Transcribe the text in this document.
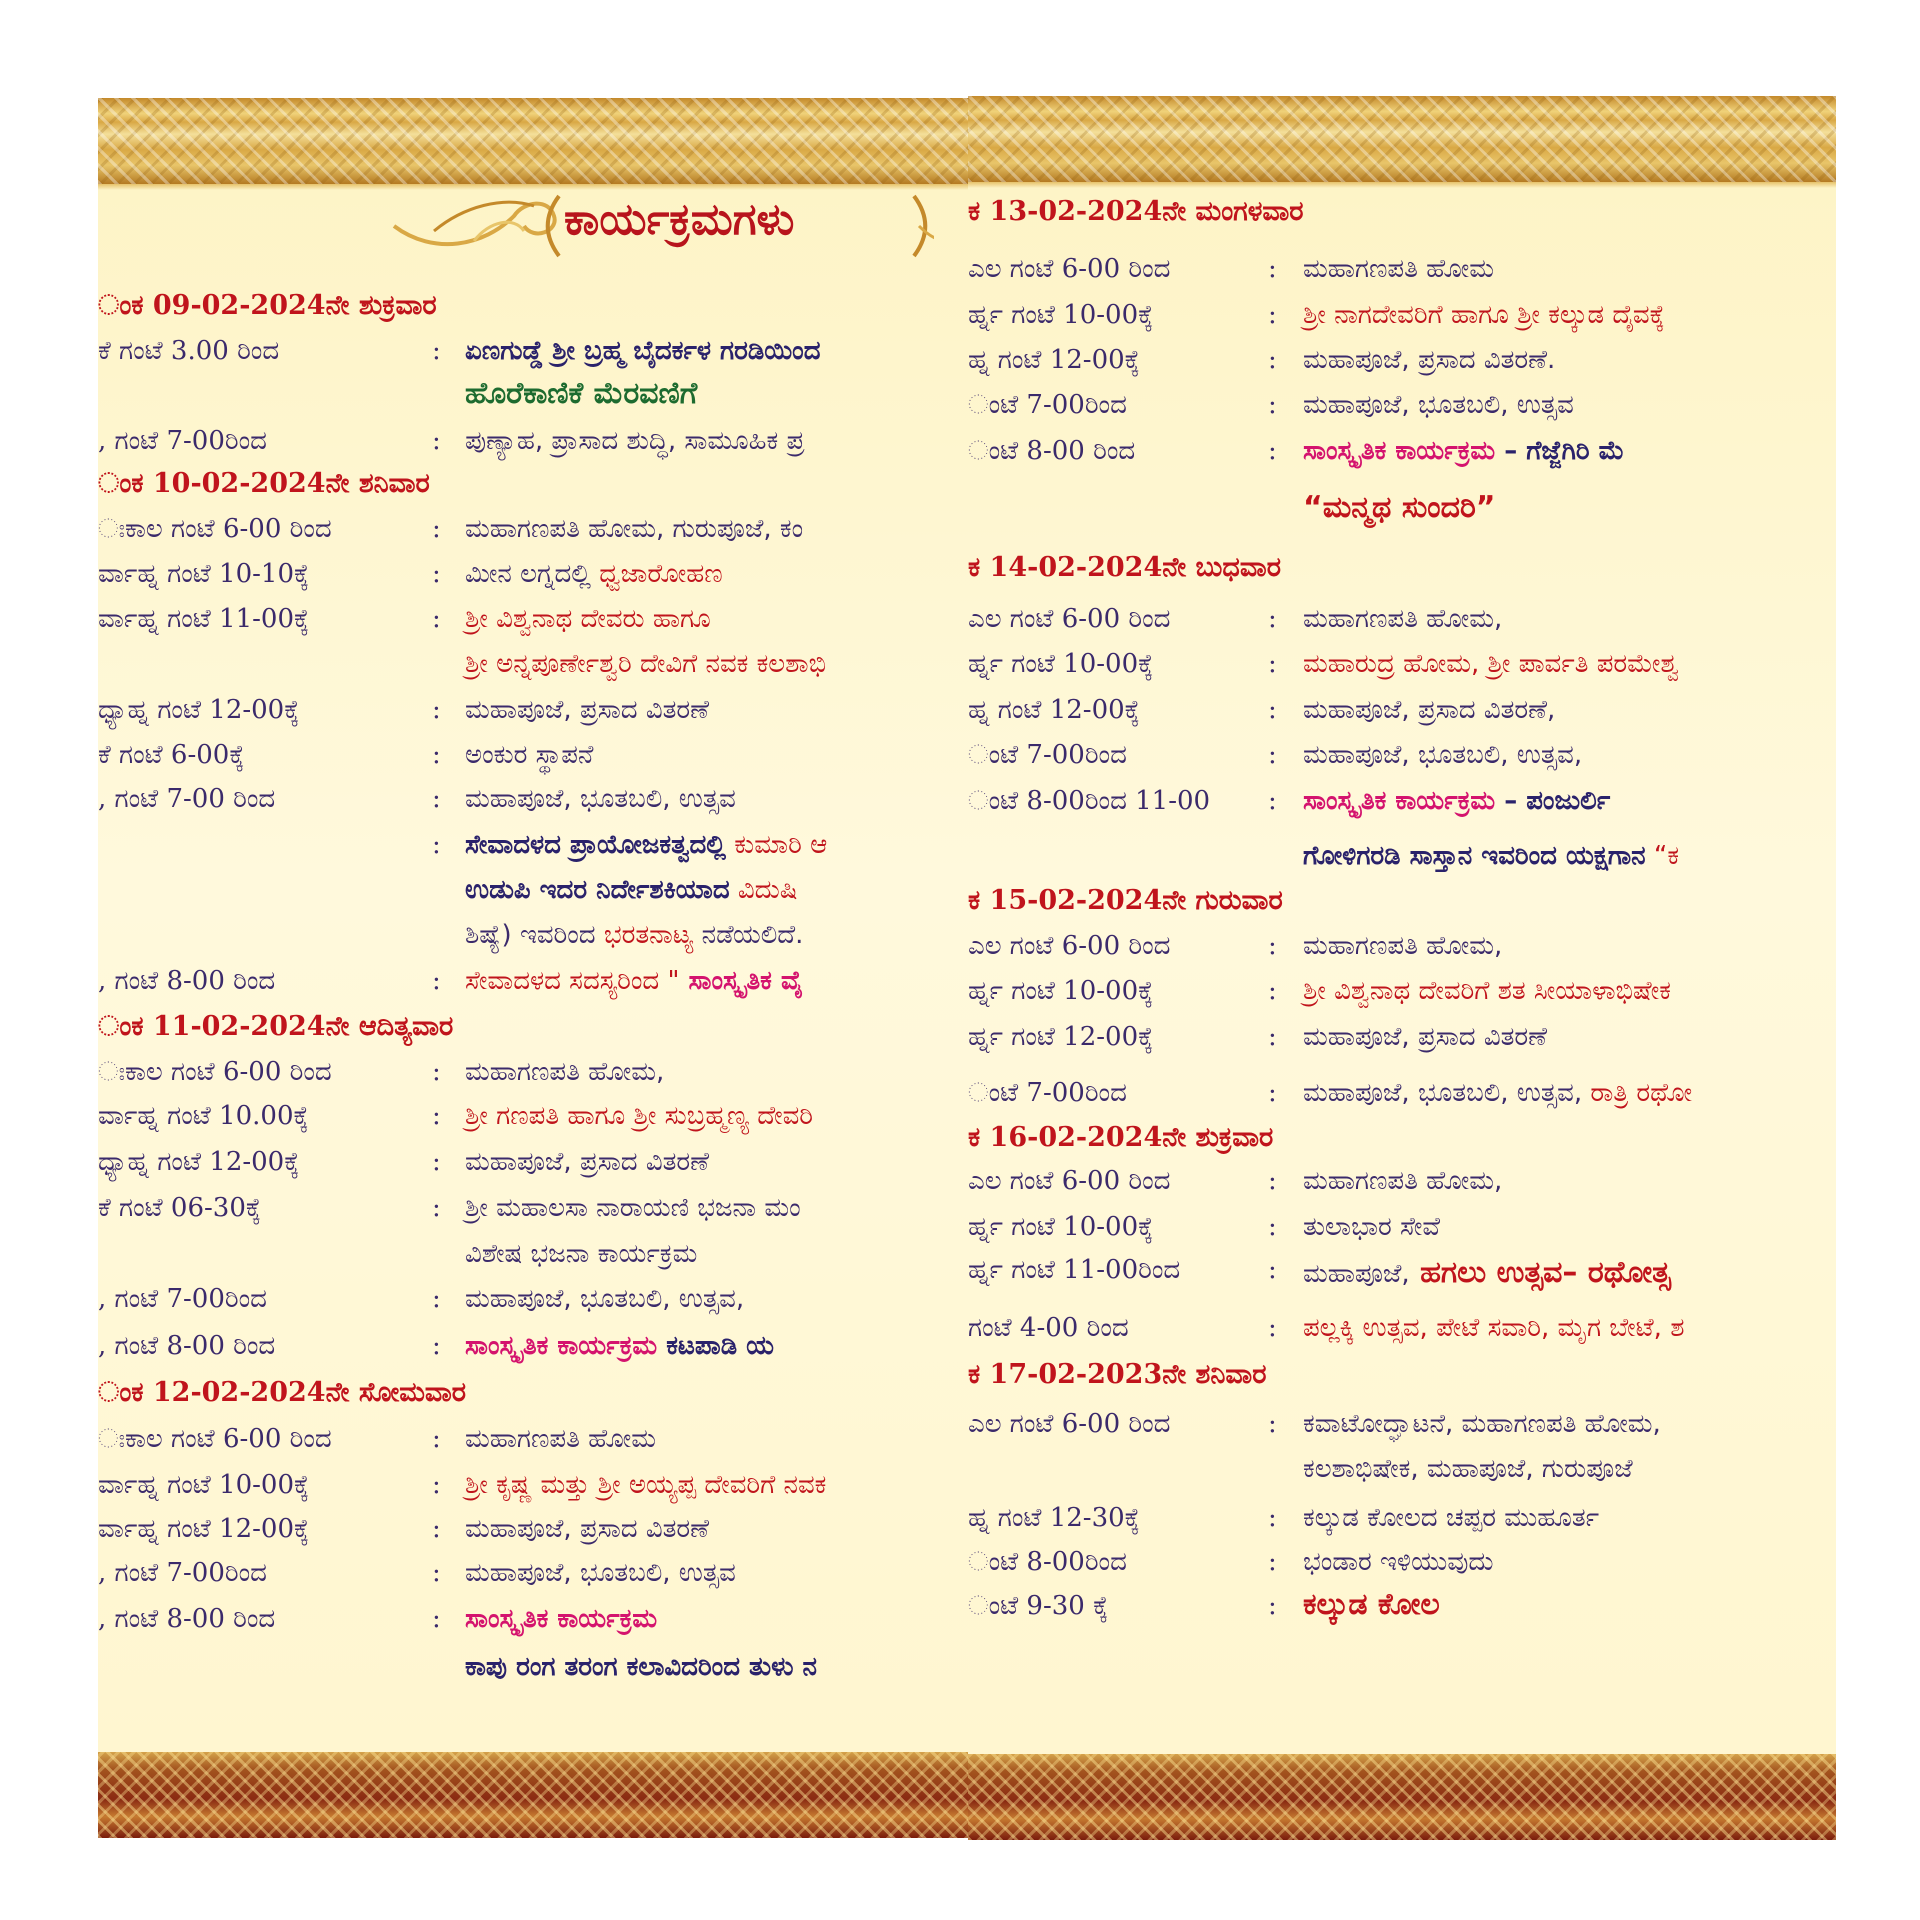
ಕಾರ್ಯಕ್ರಮಗಳು
ಂಕ 09-02-2024ನೇ ಶುಕ್ರವಾರ
ಕೆ ಗಂಟೆ 3.00 ರಿಂದ	: ಏಣಗುಡ್ಡೆ ಶ್ರೀ ಬ್ರಹ್ಮ ಬೈದರ್ಕಳ ಗರಡಿಯಿಂದ
ಹೊರೆಕಾಣಿಕೆ ಮೆರವಣಿಗೆ
, ಗಂಟೆ 7-00ರಿಂದ	: ಪುಣ್ಯಾಹ, ಪ್ರಾಸಾದ ಶುದ್ಧಿ, ಸಾಮೂಹಿಕ ಪ್ರ
ಂಕ 10-02-2024ನೇ ಶನಿವಾರ
ಃಕಾಲ ಗಂಟೆ 6-00 ರಿಂದ	: ಮಹಾಗಣಪತಿ ಹೋಮ, ಗುರುಪೂಜೆ, ಕಂ
ರ್ವಾಹ್ನ ಗಂಟೆ 10-10ಕ್ಕೆ	: ಮೀನ ಲಗ್ನದಲ್ಲಿ ಧ್ವಜಾರೋಹಣ
ರ್ವಾಹ್ನ ಗಂಟೆ 11-00ಕ್ಕೆ	: ಶ್ರೀ ವಿಶ್ವನಾಥ ದೇವರು ಹಾಗೂ
ಶ್ರೀ ಅನ್ನಪೂರ್ಣೇಶ್ವರಿ ದೇವಿಗೆ ನವಕ ಕಲಶಾಭಿ
ಧ್ಯಾಹ್ನ ಗಂಟೆ 12-00ಕ್ಕೆ	: ಮಹಾಪೂಜೆ, ಪ್ರಸಾದ ವಿತರಣೆ
ಕೆ ಗಂಟೆ 6-00ಕ್ಕೆ	: ಅಂಕುರ ಸ್ಥಾಪನೆ
, ಗಂಟೆ 7-00 ರಿಂದ	: ಮಹಾಪೂಜೆ, ಭೂತಬಲಿ, ಉತ್ಸವ
: ಸೇವಾದಳದ ಪ್ರಾಯೋಜಕತ್ವದಲ್ಲಿ ಕುಮಾರಿ ಆ
ಉಡುಪಿ ಇದರ ನಿರ್ದೇಶಕಿಯಾದ ವಿದುಷಿ
ಶಿಷ್ಯೆ) ಇವರಿಂದ ಭರತನಾಟ್ಯ ನಡೆಯಲಿದೆ.
, ಗಂಟೆ 8-00 ರಿಂದ	: ಸೇವಾದಳದ ಸದಸ್ಯರಿಂದ " ಸಾಂಸ್ಕೃತಿಕ ವೈ
ಂಕ 11-02-2024ನೇ ಆದಿತ್ಯವಾರ
ಃಕಾಲ ಗಂಟೆ 6-00 ರಿಂದ	: ಮಹಾಗಣಪತಿ ಹೋಮ,
ರ್ವಾಹ್ನ ಗಂಟೆ 10.00ಕ್ಕೆ	: ಶ್ರೀ ಗಣಪತಿ ಹಾಗೂ ಶ್ರೀ ಸುಬ್ರಹ್ಮಣ್ಯ ದೇವರಿ
ಧ್ಯಾಹ್ನ ಗಂಟೆ 12-00ಕ್ಕೆ	: ಮಹಾಪೂಜೆ, ಪ್ರಸಾದ ವಿತರಣೆ
ಕೆ ಗಂಟೆ 06-30ಕ್ಕೆ	: ಶ್ರೀ ಮಹಾಲಸಾ ನಾರಾಯಣಿ ಭಜನಾ ಮಂ
ವಿಶೇಷ ಭಜನಾ ಕಾರ್ಯಕ್ರಮ
, ಗಂಟೆ 7-00ರಿಂದ	: ಮಹಾಪೂಜೆ, ಭೂತಬಲಿ, ಉತ್ಸವ,
, ಗಂಟೆ 8-00 ರಿಂದ	: ಸಾಂಸ್ಕೃತಿಕ ಕಾರ್ಯಕ್ರಮ ಕಟಪಾಡಿ ಯ
ಂಕ 12-02-2024ನೇ ಸೋಮವಾರ
ಃಕಾಲ ಗಂಟೆ 6-00 ರಿಂದ	: ಮಹಾಗಣಪತಿ ಹೋಮ
ರ್ವಾಹ್ನ ಗಂಟೆ 10-00ಕ್ಕೆ	: ಶ್ರೀ ಕೃಷ್ಣ ಮತ್ತು ಶ್ರೀ ಅಯ್ಯಪ್ಪ ದೇವರಿಗೆ ನವಕ
ರ್ವಾಹ್ನ ಗಂಟೆ 12-00ಕ್ಕೆ	: ಮಹಾಪೂಜೆ, ಪ್ರಸಾದ ವಿತರಣೆ
, ಗಂಟೆ 7-00ರಿಂದ	: ಮಹಾಪೂಜೆ, ಭೂತಬಲಿ, ಉತ್ಸವ
, ಗಂಟೆ 8-00 ರಿಂದ	: ಸಾಂಸ್ಕೃತಿಕ ಕಾರ್ಯಕ್ರಮ
ಕಾಪು ರಂಗ ತರಂಗ ಕಲಾವಿದರಿಂದ ತುಳು ನ
ಕ 13-02-2024ನೇ ಮಂಗಳವಾರ
ಎಲ ಗಂಟೆ 6-00 ರಿಂದ	: ಮಹಾಗಣಪತಿ ಹೋಮ
ರ್ಹ್ನ ಗಂಟೆ 10-00ಕ್ಕೆ	: ಶ್ರೀ ನಾಗದೇವರಿಗೆ ಹಾಗೂ ಶ್ರೀ ಕಲ್ಕುಡ ದೈವಕ್ಕೆ
ಹ್ನ ಗಂಟೆ 12-00ಕ್ಕೆ	: ಮಹಾಪೂಜೆ, ಪ್ರಸಾದ ವಿತರಣೆ.
ಂಟೆ 7-00ರಿಂದ	: ಮಹಾಪೂಜೆ, ಭೂತಬಲಿ, ಉತ್ಸವ
ಂಟೆ 8-00 ರಿಂದ	: ಸಾಂಸ್ಕೃತಿಕ ಕಾರ್ಯಕ್ರಮ – ಗೆಜ್ಜೆಗಿರಿ ಮೆ
“ಮನ್ಮಥ ಸುಂದರಿ”
ಕ 14-02-2024ನೇ ಬುಧವಾರ
ಎಲ ಗಂಟೆ 6-00 ರಿಂದ	: ಮಹಾಗಣಪತಿ ಹೋಮ,
ರ್ಹ್ನ ಗಂಟೆ 10-00ಕ್ಕೆ	: ಮಹಾರುದ್ರ ಹೋಮ, ಶ್ರೀ ಪಾರ್ವತಿ ಪರಮೇಶ್ವ
ಹ್ನ ಗಂಟೆ 12-00ಕ್ಕೆ	: ಮಹಾಪೂಜೆ, ಪ್ರಸಾದ ವಿತರಣೆ,
ಂಟೆ 7-00ರಿಂದ	: ಮಹಾಪೂಜೆ, ಭೂತಬಲಿ, ಉತ್ಸವ,
ಂಟೆ 8-00ರಿಂದ 11-00 : ಸಾಂಸ್ಕೃತಿಕ ಕಾರ್ಯಕ್ರಮ – ಪಂಜುರ್ಲಿ
ಗೋಳಿಗರಡಿ ಸಾಸ್ತಾನ ಇವರಿಂದ ಯಕ್ಷಗಾನ “ಕ
ಕ 15-02-2024ನೇ ಗುರುವಾರ
ಎಲ ಗಂಟೆ 6-00 ರಿಂದ	: ಮಹಾಗಣಪತಿ ಹೋಮ,
ರ್ಹ್ನ ಗಂಟೆ 10-00ಕ್ಕೆ	: ಶ್ರೀ ವಿಶ್ವನಾಥ ದೇವರಿಗೆ ಶತ ಸೀಯಾಳಾಭಿಷೇಕ
ರ್ಹ್ನ ಗಂಟೆ 12-00ಕ್ಕೆ	: ಮಹಾಪೂಜೆ, ಪ್ರಸಾದ ವಿತರಣೆ
ಂಟೆ 7-00ರಿಂದ	: ಮಹಾಪೂಜೆ, ಭೂತಬಲಿ, ಉತ್ಸವ, ರಾತ್ರಿ ರಥೋ
ಕ 16-02-2024ನೇ ಶುಕ್ರವಾರ
ಎಲ ಗಂಟೆ 6-00 ರಿಂದ	: ಮಹಾಗಣಪತಿ ಹೋಮ,
ರ್ಹ್ನ ಗಂಟೆ 10-00ಕ್ಕೆ	: ತುಲಾಭಾರ ಸೇವೆ
ರ್ಹ್ನ ಗಂಟೆ 11-00ರಿಂದ	: ಮಹಾಪೂಜೆ, ಹಗಲು ಉತ್ಸವ– ರಥೋತ್ಸ
ಗಂಟೆ 4-00 ರಿಂದ	: ಪಲ್ಲಕ್ಕಿ ಉತ್ಸವ, ಪೇಟೆ ಸವಾರಿ, ಮೃಗ ಬೇಟೆ, ಶ
ಕ 17-02-2023ನೇ ಶನಿವಾರ
ಎಲ ಗಂಟೆ 6-00 ರಿಂದ	: ಕವಾಟೋದ್ಘಾಟನೆ, ಮಹಾಗಣಪತಿ ಹೋಮ,
ಕಲಶಾಭಿಷೇಕ, ಮಹಾಪೂಜೆ, ಗುರುಪೂಜೆ
ಹ್ನ ಗಂಟೆ 12-30ಕ್ಕೆ	: ಕಲ್ಕುಡ ಕೋಲದ ಚಪ್ಪರ ಮುಹೂರ್ತ
ಂಟೆ 8-00ರಿಂದ	: ಭಂಡಾರ ಇಳಿಯುವುದು
ಂಟೆ 9-30 ಕ್ಕೆ	: ಕಲ್ಕುಡ ಕೋಲ
